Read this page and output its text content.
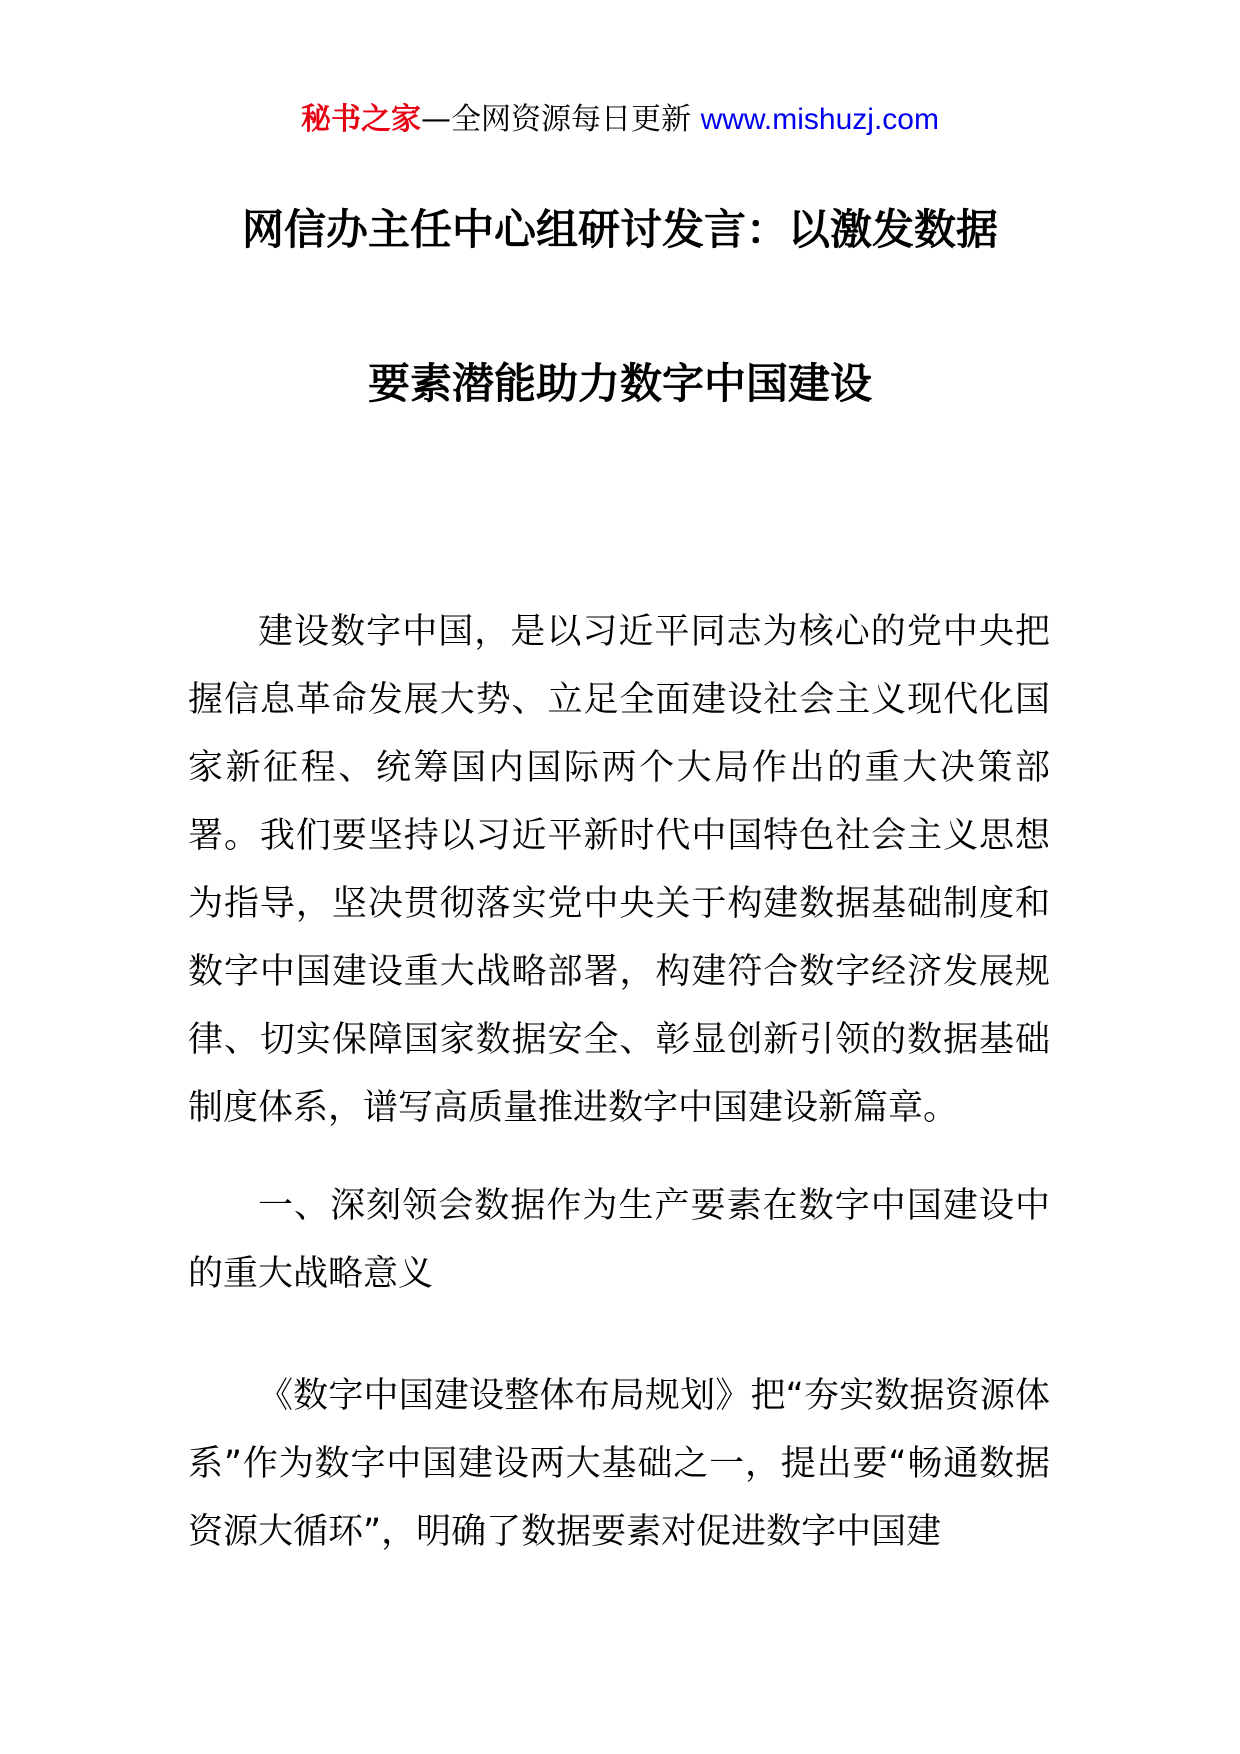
秘书之家—全网资源每日更新 www.mishuzj.com
网信办主任中心组研讨发言：以激发数据
要素潜能助力数字中国建设

建设数字中国，是以习近平同志为核心的党中央把握信息革命发展大势、立足全面建设社会主义现代化国家新征程、统筹国内国际两个大局作出的重大决策部署。我们要坚持以习近平新时代中国特色社会主义思想为指导，坚决贯彻落实党中央关于构建数据基础制度和数字中国建设重大战略部署，构建符合数字经济发展规律、切实保障国家数据安全、彰显创新引领的数据基础制度体系，谱写高质量推进数字中国建设新篇章。

一、深刻领会数据作为生产要素在数字中国建设中的重大战略意义

《数字中国建设整体布局规划》把“夯实数据资源体系”作为数字中国建设两大基础之一，提出要“畅通数据资源大循环”，明确了数据要素对促进数字中国建
